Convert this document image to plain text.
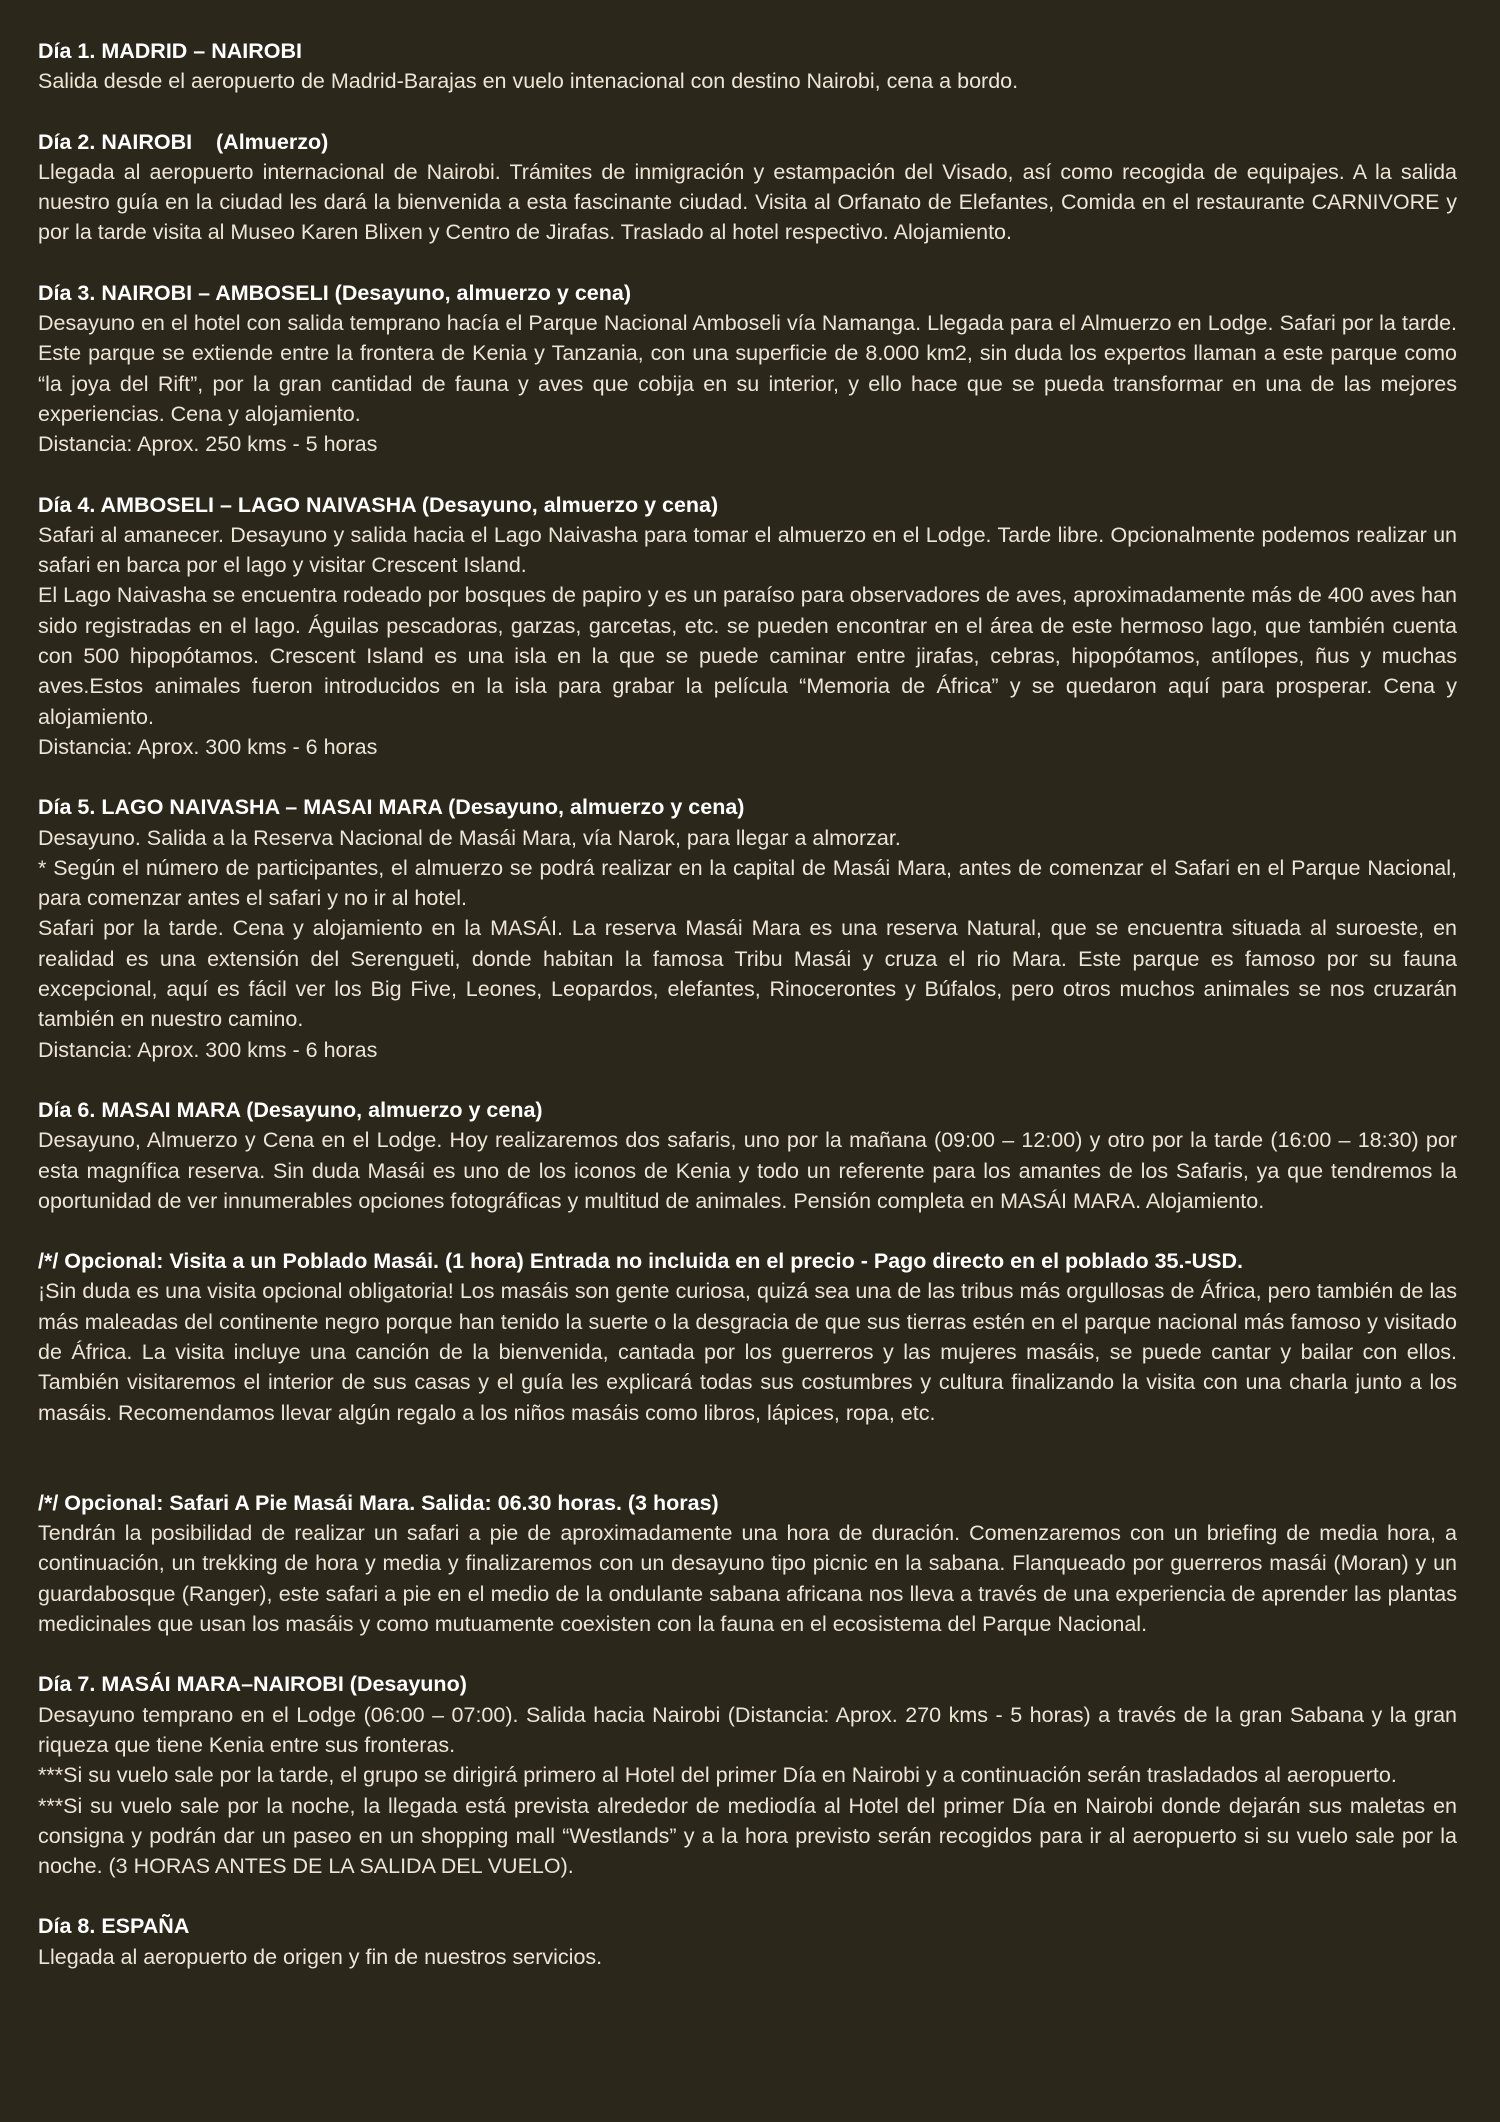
Día 1. MADRID – NAIROBI

Salida desde el aeropuerto de Madrid-Barajas en vuelo intenacional con destino Nairobi, cena a bordo.

Día 2. NAIROBI    (Almuerzo)

Llegada al aeropuerto internacional de Nairobi. Trámites de inmigración y estampación del Visado, así como recogida de equipajes. A la salida nuestro guía en la ciudad les dará la bienvenida a esta fascinante ciudad. Visita al Orfanato de Elefantes, Comida en el restaurante CARNIVORE y por la tarde visita al Museo Karen Blixen y Centro de Jirafas. Traslado al hotel respectivo. Alojamiento.

Día 3. NAIROBI – AMBOSELI (Desayuno, almuerzo y cena)

Desayuno en el hotel con salida temprano hacía el Parque Nacional Amboseli vía Namanga. Llegada para el Almuerzo en Lodge. Safari por la tarde. Este parque se extiende entre la frontera de Kenia y Tanzania, con una superficie de 8.000 km2, sin duda los expertos llaman a este parque como “la joya del Rift”, por la gran cantidad de fauna y aves que cobija en su interior, y ello hace que se pueda transformar en una de las mejores experiencias. Cena y alojamiento.

Distancia: Aprox. 250 kms - 5 horas

Día 4. AMBOSELI – LAGO NAIVASHA (Desayuno, almuerzo y cena)

Safari al amanecer. Desayuno y salida hacia el Lago Naivasha para tomar el almuerzo en el Lodge. Tarde libre. Opcionalmente podemos realizar un safari en barca por el lago y visitar Crescent Island.

El Lago Naivasha se encuentra rodeado por bosques de papiro y es un paraíso para observadores de aves, aproximadamente más de 400 aves han sido registradas en el lago. Águilas pescadoras, garzas, garcetas, etc. se pueden encontrar en el área de este hermoso lago, que también cuenta con 500 hipopótamos. Crescent Island es una isla en la que se puede caminar entre jirafas, cebras, hipopótamos, antílopes, ñus y muchas aves.Estos animales fueron introducidos en la isla para grabar la película “Memoria de África” y se quedaron aquí para prosperar. Cena y alojamiento.

Distancia: Aprox. 300 kms - 6 horas

Día 5. LAGO NAIVASHA – MASAI MARA (Desayuno, almuerzo y cena)

Desayuno. Salida a la Reserva Nacional de Masái Mara, vía Narok, para llegar a almorzar.

* Según el número de participantes, el almuerzo se podrá realizar en la capital de Masái Mara, antes de comenzar el Safari en el Parque Nacional, para comenzar antes el safari y no ir al hotel.

Safari por la tarde. Cena y alojamiento en la MASÁI. La reserva Masái Mara es una reserva Natural, que se encuentra situada al suroeste, en realidad es una extensión del Serengueti, donde habitan la famosa Tribu Masái y cruza el rio Mara. Este parque es famoso por su fauna excepcional, aquí es fácil ver los Big Five, Leones, Leopardos, elefantes, Rinocerontes y Búfalos, pero otros muchos animales se nos cruzarán también en nuestro camino.

Distancia: Aprox. 300 kms - 6 horas

Día 6. MASAI MARA (Desayuno, almuerzo y cena)

Desayuno, Almuerzo y Cena en el Lodge. Hoy realizaremos dos safaris, uno por la mañana (09:00 – 12:00) y otro por la tarde (16:00 – 18:30) por esta magnífica reserva. Sin duda Masái es uno de los iconos de Kenia y todo un referente para los amantes de los Safaris, ya que tendremos la oportunidad de ver innumerables opciones fotográficas y multitud de animales. Pensión completa en MASÁI MARA. Alojamiento.

/*/ Opcional: Visita a un Poblado Masái. (1 hora) Entrada no incluida en el precio - Pago directo en el poblado 35.-USD.

¡Sin duda es una visita opcional obligatoria! Los masáis son gente curiosa, quizá sea una de las tribus más orgullosas de África, pero también de las más maleadas del continente negro porque han tenido la suerte o la desgracia de que sus tierras estén en el parque nacional más famoso y visitado de África. La visita incluye una canción de la bienvenida, cantada por los guerreros y las mujeres masáis, se puede cantar y bailar con ellos. También visitaremos el interior de sus casas y el guía les explicará todas sus costumbres y cultura finalizando la visita con una charla junto a los masáis. Recomendamos llevar algún regalo a los niños masáis como libros, lápices, ropa, etc.

/*/ Opcional: Safari A Pie Masái Mara. Salida: 06.30 horas. (3 horas)

Tendrán la posibilidad de realizar un safari a pie de aproximadamente una hora de duración. Comenzaremos con un briefing de media hora, a continuación, un trekking de hora y media y finalizaremos con un desayuno tipo picnic en la sabana. Flanqueado por guerreros masái (Moran) y un guardabosque (Ranger), este safari a pie en el medio de la ondulante sabana africana nos lleva a través de una experiencia de aprender las plantas medicinales que usan los masáis y como mutuamente coexisten con la fauna en el ecosistema del Parque Nacional.

Día 7. MASÁI MARA–NAIROBI (Desayuno)

Desayuno temprano en el Lodge (06:00 – 07:00). Salida hacia Nairobi (Distancia: Aprox. 270 kms - 5 horas) a través de la gran Sabana y la gran riqueza que tiene Kenia entre sus fronteras.

***Si su vuelo sale por la tarde, el grupo se dirigirá primero al Hotel del primer Día en Nairobi y a continuación serán trasladados al aeropuerto.

***Si su vuelo sale por la noche, la llegada está prevista alrededor de mediodía al Hotel del primer Día en Nairobi donde dejarán sus maletas en consigna y podrán dar un paseo en un shopping mall “Westlands” y a la hora previsto serán recogidos para ir al aeropuerto si su vuelo sale por la noche. (3 HORAS ANTES DE LA SALIDA DEL VUELO).

Día 8. ESPAÑA

Llegada al aeropuerto de origen y fin de nuestros servicios.
